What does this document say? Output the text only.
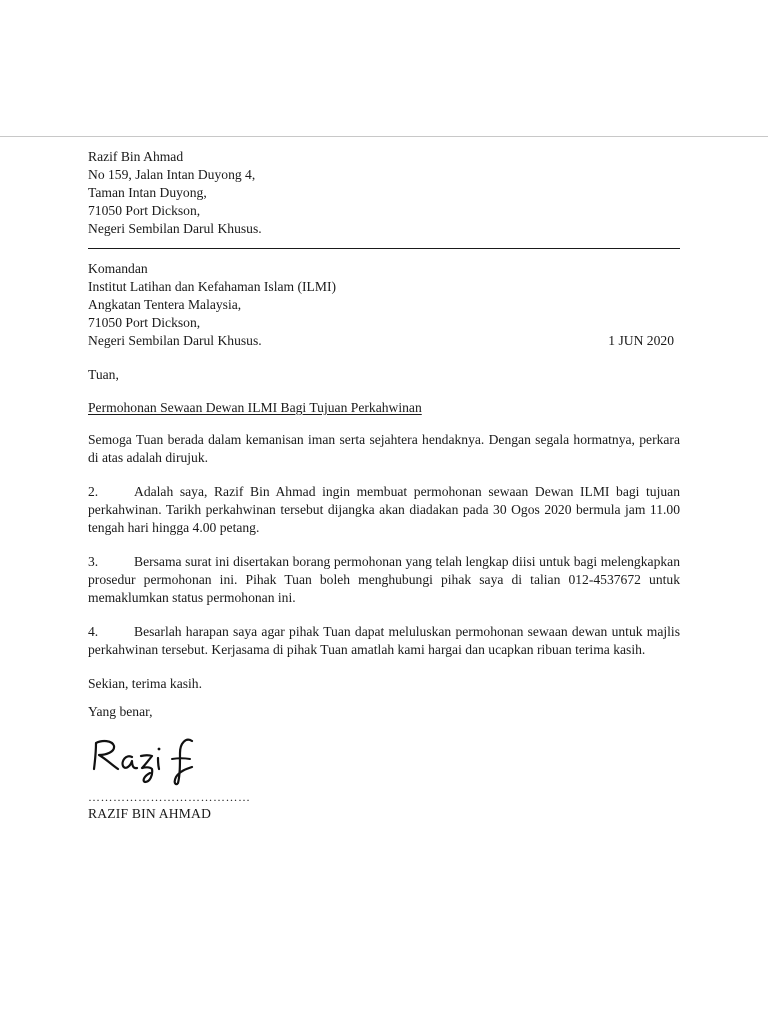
Razif Bin Ahmad
No 159, Jalan Intan Duyong 4,
Taman Intan Duyong,
71050 Port Dickson,
Negeri Sembilan Darul Khusus.
Komandan
Institut Latihan dan Kefahaman Islam (ILMI)
Angkatan Tentera Malaysia,
71050 Port Dickson,
Negeri Sembilan Darul Khusus.	1 JUN 2020
Tuan,
Permohonan Sewaan Dewan ILMI Bagi Tujuan Perkahwinan
Semoga Tuan berada dalam kemanisan iman serta sejahtera hendaknya. Dengan segala hormatnya, perkara di atas adalah dirujuk.
2.	Adalah saya, Razif Bin Ahmad ingin membuat permohonan sewaan Dewan ILMI bagi tujuan perkahwinan. Tarikh perkahwinan tersebut dijangka akan diadakan pada 30 Ogos 2020 bermula jam 11.00 tengah hari hingga 4.00 petang.
3.	Bersama surat ini disertakan borang permohonan yang telah lengkap diisi untuk bagi melengkapkan prosedur permohonan ini. Pihak Tuan boleh menghubungi pihak saya di talian 012-4537672 untuk memaklumkan status permohonan ini.
4.	Besarlah harapan saya agar pihak Tuan dapat meluluskan permohonan sewaan dewan untuk majlis perkahwinan tersebut. Kerjasama di pihak Tuan amatlah kami hargai dan ucapkan ribuan terima kasih.
Sekian, terima kasih.
Yang benar,
…………………………………
RAZIF BIN AHMAD
